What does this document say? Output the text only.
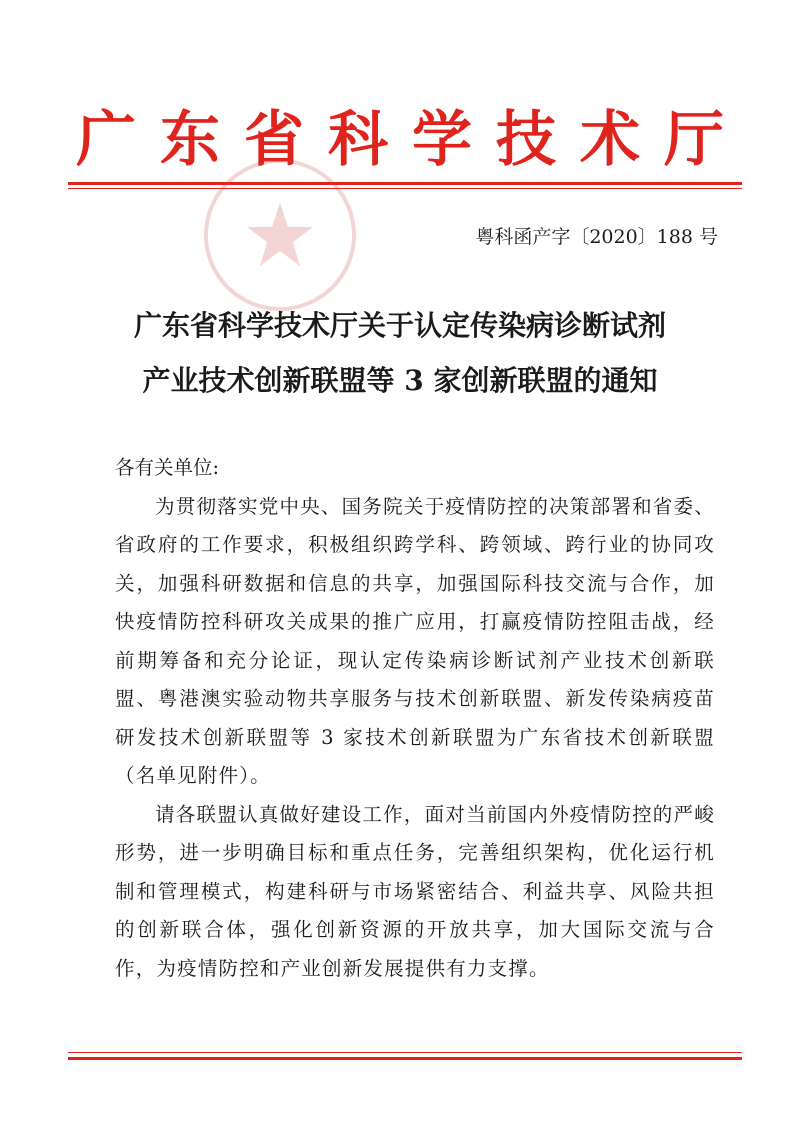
广东省科学技术厅
粤科函产字〔2020〕188 号
广东省科学技术厅关于认定传染病诊断试剂
产业技术创新联盟等 3 家创新联盟的通知

各有关单位:

为贯彻落实党中央、国务院关于疫情防控的决策部署和省委、省政府的工作要求，积极组织跨学科、跨领域、跨行业的协同攻关，加强科研数据和信息的共享，加强国际科技交流与合作，加快疫情防控科研攻关成果的推广应用，打赢疫情防控阻击战，经前期筹备和充分论证，现认定传染病诊断试剂产业技术创新联盟、粤港澳实验动物共享服务与技术创新联盟、新发传染病疫苗研发技术创新联盟等 3 家技术创新联盟为广东省技术创新联盟（名单见附件）。

请各联盟认真做好建设工作，面对当前国内外疫情防控的严峻形势，进一步明确目标和重点任务，完善组织架构，优化运行机制和管理模式，构建科研与市场紧密结合、利益共享、风险共担的创新联合体，强化创新资源的开放共享，加大国际交流与合作，为疫情防控和产业创新发展提供有力支撑。
